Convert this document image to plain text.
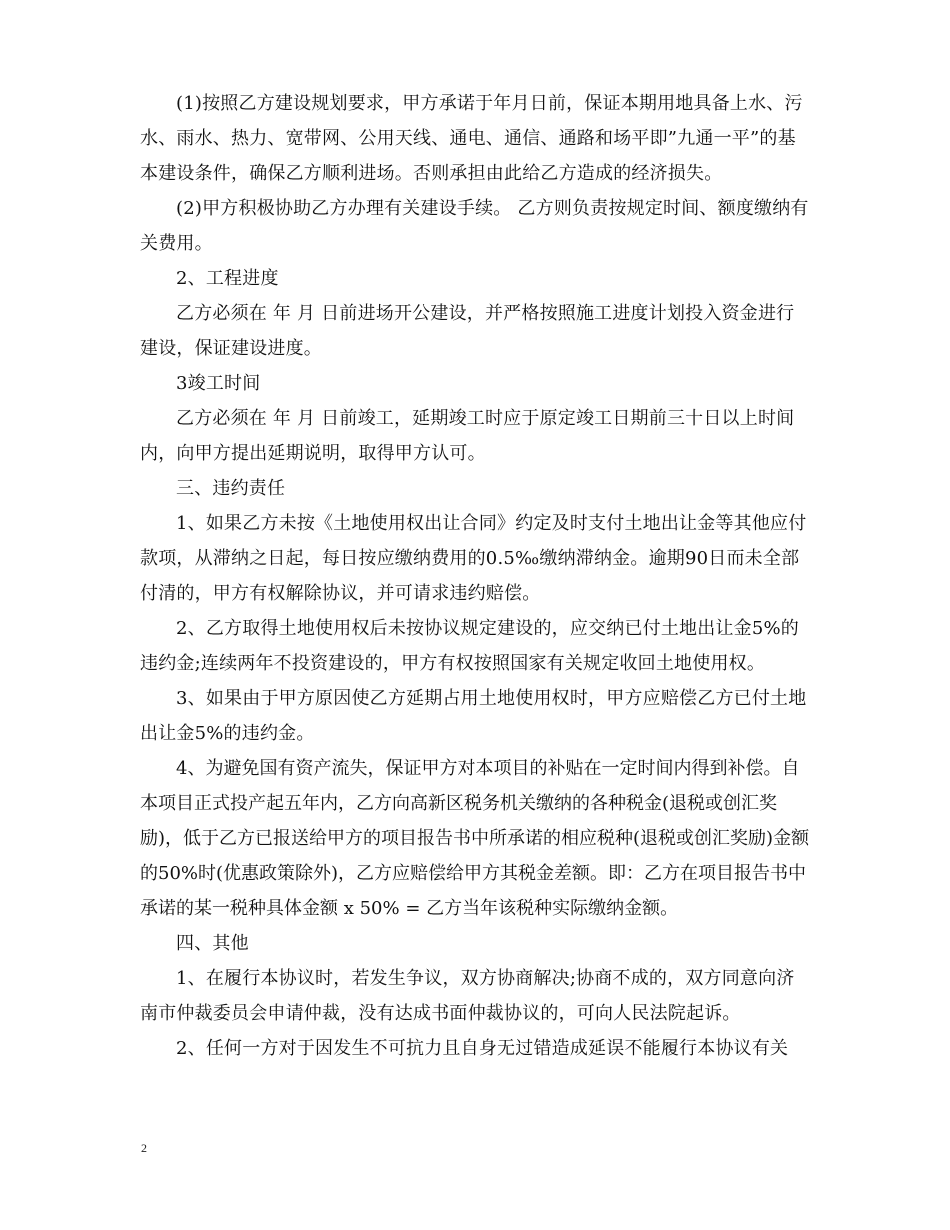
(1)按照乙方建设规划要求，甲方承诺于年月日前，保证本期用地具备上水、污水、雨水、热力、宽带网、公用天线、通电、通信、通路和场平即”九通一平”的基本建设条件，确保乙方顺利进场。否则承担由此给乙方造成的经济损失。

(2)甲方积极协助乙方办理有关建设手续。 乙方则负责按规定时间、额度缴纳有关费用。

2、工程进度

乙方必须在 年 月 日前进场开公建设，并严格按照施工进度计划投入资金进行建设，保证建设进度。

3竣工时间

乙方必须在 年 月 日前竣工，延期竣工时应于原定竣工日期前三十日以上时间内，向甲方提出延期说明，取得甲方认可。

三、违约责任

1、如果乙方未按《土地使用权出让合同》约定及时支付土地出让金等其他应付款项，从滞纳之日起，每日按应缴纳费用的0.5‰缴纳滞纳金。逾期90日而未全部付清的，甲方有权解除协议，并可请求违约赔偿。

2、乙方取得土地使用权后未按协议规定建设的，应交纳已付土地出让金5%的违约金;连续两年不投资建设的，甲方有权按照国家有关规定收回土地使用权。

3、如果由于甲方原因使乙方延期占用土地使用权时，甲方应赔偿乙方已付土地出让金5%的违约金。

4、为避免国有资产流失，保证甲方对本项目的补贴在一定时间内得到补偿。自本项目正式投产起五年内，乙方向高新区税务机关缴纳的各种税金(退税或创汇奖励)，低于乙方已报送给甲方的项目报告书中所承诺的相应税种(退税或创汇奖励)金额的50%时(优惠政策除外)，乙方应赔偿给甲方其税金差额。即：乙方在项目报告书中承诺的某一税种具体金额 x 50% = 乙方当年该税种实际缴纳金额。

四、其他

1、在履行本协议时，若发生争议，双方协商解决;协商不成的，双方同意向济南市仲裁委员会申请仲裁，没有达成书面仲裁协议的，可向人民法院起诉。

2、任何一方对于因发生不可抗力且自身无过错造成延误不能履行本协议有关

2
